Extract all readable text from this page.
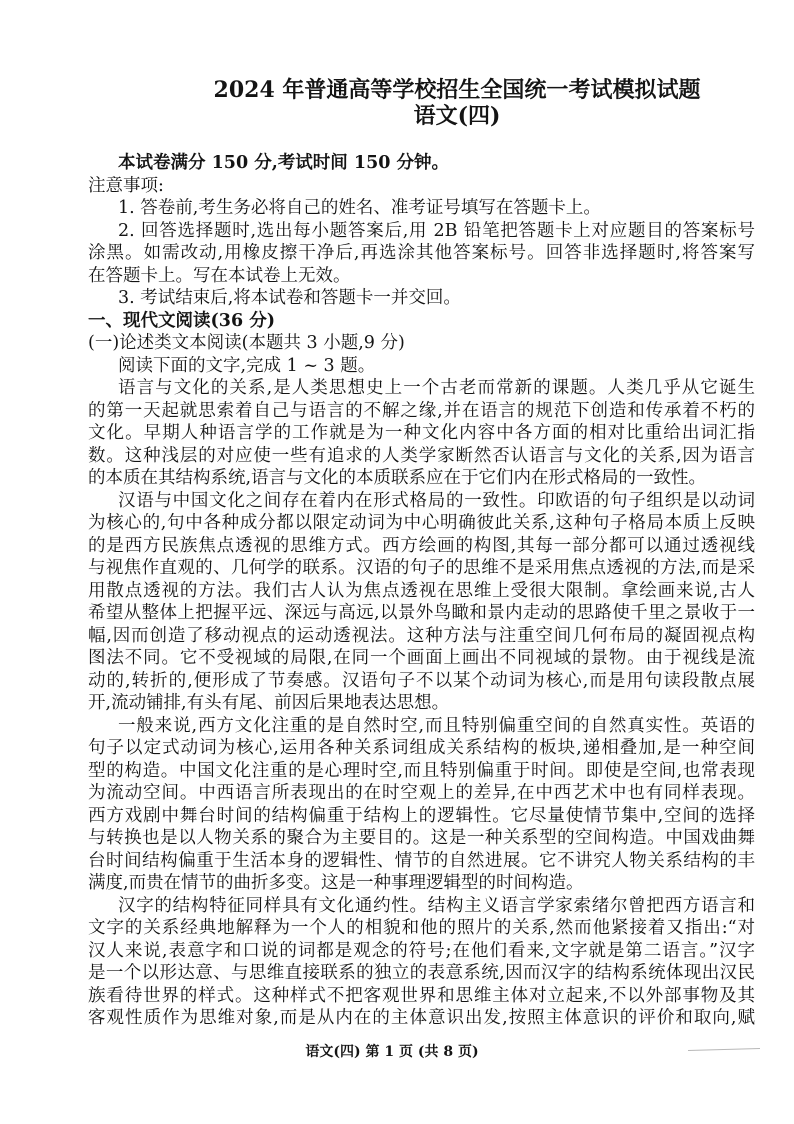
2024 年普通高等学校招生全国统一考试模拟试题
语文(四)
本试卷满分 150 分,考试时间 150 分钟。
注意事项:
1. 答卷前,考生务必将自己的姓名、准考证号填写在答题卡上。
2. 回答选择题时,选出每小题答案后,用 2B 铅笔把答题卡上对应题目的答案标号
涂黑。如需改动,用橡皮擦干净后,再选涂其他答案标号。回答非选择题时,将答案写
在答题卡上。写在本试卷上无效。
3. 考试结束后,将本试卷和答题卡一并交回。
一、现代文阅读(36 分)
(一)论述类文本阅读(本题共 3 小题,9 分)
阅读下面的文字,完成 1 ~ 3 题。
语言与文化的关系,是人类思想史上一个古老而常新的课题。人类几乎从它诞生
的第一天起就思索着自己与语言的不解之缘,并在语言的规范下创造和传承着不朽的
文化。早期人种语言学的工作就是为一种文化内容中各方面的相对比重给出词汇指
数。这种浅层的对应使一些有追求的人类学家断然否认语言与文化的关系,因为语言
的本质在其结构系统,语言与文化的本质联系应在于它们内在形式格局的一致性。
汉语与中国文化之间存在着内在形式格局的一致性。印欧语的句子组织是以动词
为核心的,句中各种成分都以限定动词为中心明确彼此关系,这种句子格局本质上反映
的是西方民族焦点透视的思维方式。西方绘画的构图,其每一部分都可以通过透视线
与视焦作直观的、几何学的联系。汉语的句子的思维不是采用焦点透视的方法,而是采
用散点透视的方法。我们古人认为焦点透视在思维上受很大限制。拿绘画来说,古人
希望从整体上把握平远、深远与高远,以景外鸟瞰和景内走动的思路使千里之景收于一
幅,因而创造了移动视点的运动透视法。这种方法与注重空间几何布局的凝固视点构
图法不同。它不受视域的局限,在同一个画面上画出不同视域的景物。由于视线是流
动的,转折的,便形成了节奏感。汉语句子不以某个动词为核心,而是用句读段散点展
开,流动铺排,有头有尾、前因后果地表达思想。
一般来说,西方文化注重的是自然时空,而且特别偏重空间的自然真实性。英语的
句子以定式动词为核心,运用各种关系词组成关系结构的板块,递相叠加,是一种空间
型的构造。中国文化注重的是心理时空,而且特别偏重于时间。即使是空间,也常表现
为流动空间。中西语言所表现出的在时空观上的差异,在中西艺术中也有同样表现。
西方戏剧中舞台时间的结构偏重于结构上的逻辑性。它尽量使情节集中,空间的选择
与转换也是以人物关系的聚合为主要目的。这是一种关系型的空间构造。中国戏曲舞
台时间结构偏重于生活本身的逻辑性、情节的自然进展。它不讲究人物关系结构的丰
满度,而贵在情节的曲折多变。这是一种事理逻辑型的时间构造。
汉字的结构特征同样具有文化通约性。结构主义语言学家索绪尔曾把西方语言和
文字的关系经典地解释为一个人的相貌和他的照片的关系,然而他紧接着又指出:“对
汉人来说,表意字和口说的词都是观念的符号;在他们看来,文字就是第二语言。”汉字
是一个以形达意、与思维直接联系的独立的表意系统,因而汉字的结构系统体现出汉民
族看待世界的样式。这种样式不把客观世界和思维主体对立起来,不以外部事物及其
客观性质作为思维对象,而是从内在的主体意识出发,按照主体意识的评价和取向,赋
语文(四) 第 1 页 (共 8 页)
